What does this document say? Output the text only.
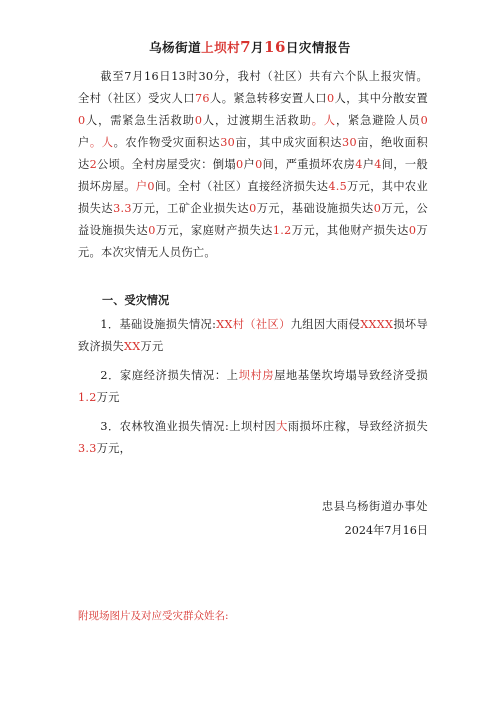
乌杨街道上坝村7月16日灾情报告
截至7月16日13时30分，我村（社区）共有六个队上报灾情。全村（社区）受灾人口76人。紧急转移安置人口0人，其中分散安置0人，需紧急生活救助0人，过渡期生活救助。人，紧急避险人员0户。人。农作物受灾面积达30亩，其中成灾面积达30亩，绝收面积达2公顷。全村房屋受灾：倒塌0户0间，严重损坏农房4户4间，一般损坏房屋。户0间。全村（社区）直接经济损失达4.5万元，其中农业损失达3.3万元，工矿企业损失达0万元，基础设施损失达0万元，公益设施损失达0万元，家庭财产损失达1.2万元，其他财产损失达0万元。本次灾情无人员伤亡。
一、受灾情况
1．基础设施损失情况:XX村（社区）九组因大雨侵XXXX损坏导致济损失XX万元
2．家庭经济损失情况：上坝村房屋地基堡坎垮塌导致经济受损1.2万元
3．农林牧渔业损失情况:上坝村因大雨损坏庄稼，导致经济损失3.3万元，
忠县乌杨街道办事处
2024年7月16日
附现场图片及对应受灾群众姓名:
